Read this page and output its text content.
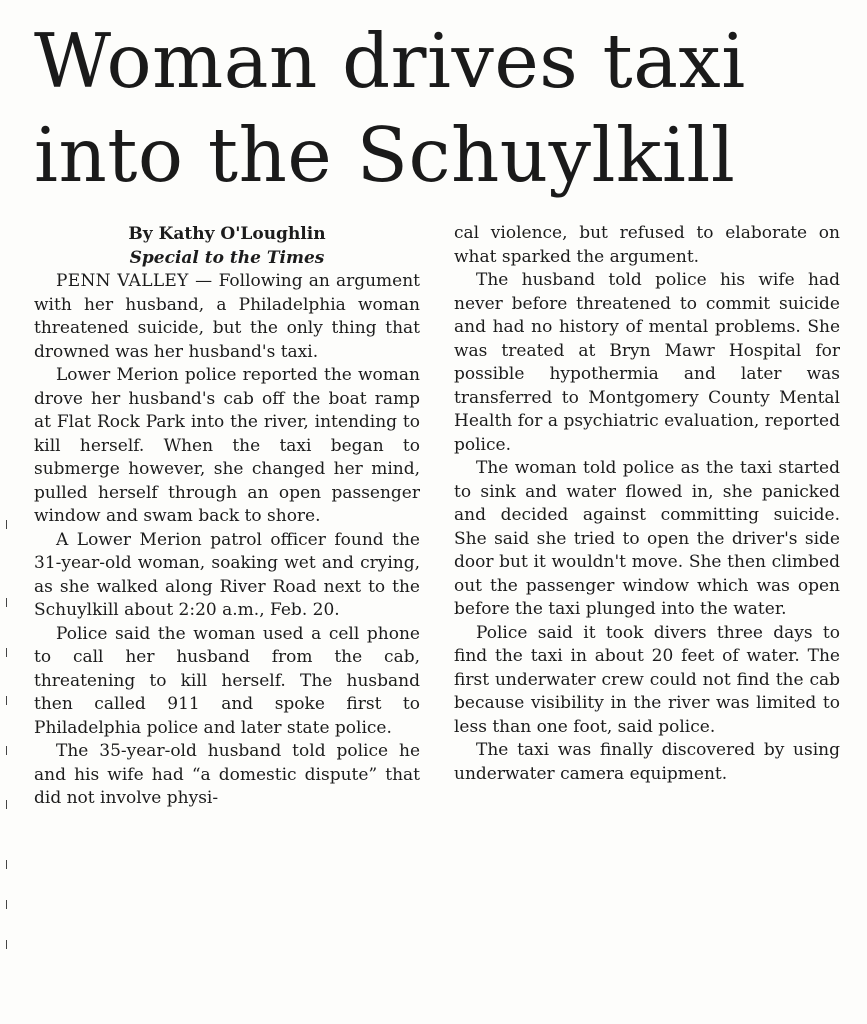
Woman drives taxi into the Schuylkill

By Kathy O'Loughlin

Special to the Times

PENN VALLEY — Following an argument with her husband, a Philadelphia woman threatened suicide, but the only thing that drowned was her husband's taxi.

Lower Merion police reported the woman drove her husband's cab off the boat ramp at Flat Rock Park into the river, intending to kill herself. When the taxi began to submerge however, she changed her mind, pulled herself through an open passenger window and swam back to shore.

A Lower Merion patrol officer found the 31-year-old woman, soaking wet and crying, as she walked along River Road next to the Schuylkill about 2:20 a.m., Feb. 20.

Police said the woman used a cell phone to call her husband from the cab, threatening to kill herself. The husband then called 911 and spoke first to Philadelphia police and later state police.

The 35-year-old husband told police he and his wife had “a domestic dispute” that did not involve physi-

cal violence, but refused to elaborate on what sparked the argument.

The husband told police his wife had never before threatened to commit suicide and had no history of mental problems. She was treated at Bryn Mawr Hospital for possible hypothermia and later was transferred to Montgomery County Mental Health for a psychiatric evaluation, reported police.

The woman told police as the taxi started to sink and water flowed in, she panicked and decided against committing suicide. She said she tried to open the driver's side door but it wouldn't move. She then climbed out the passenger window which was open before the taxi plunged into the water.

Police said it took divers three days to find the taxi in about 20 feet of water. The first underwater crew could not find the cab because visibility in the river was limited to less than one foot, said police.

The taxi was finally discovered by using underwater camera equipment.
